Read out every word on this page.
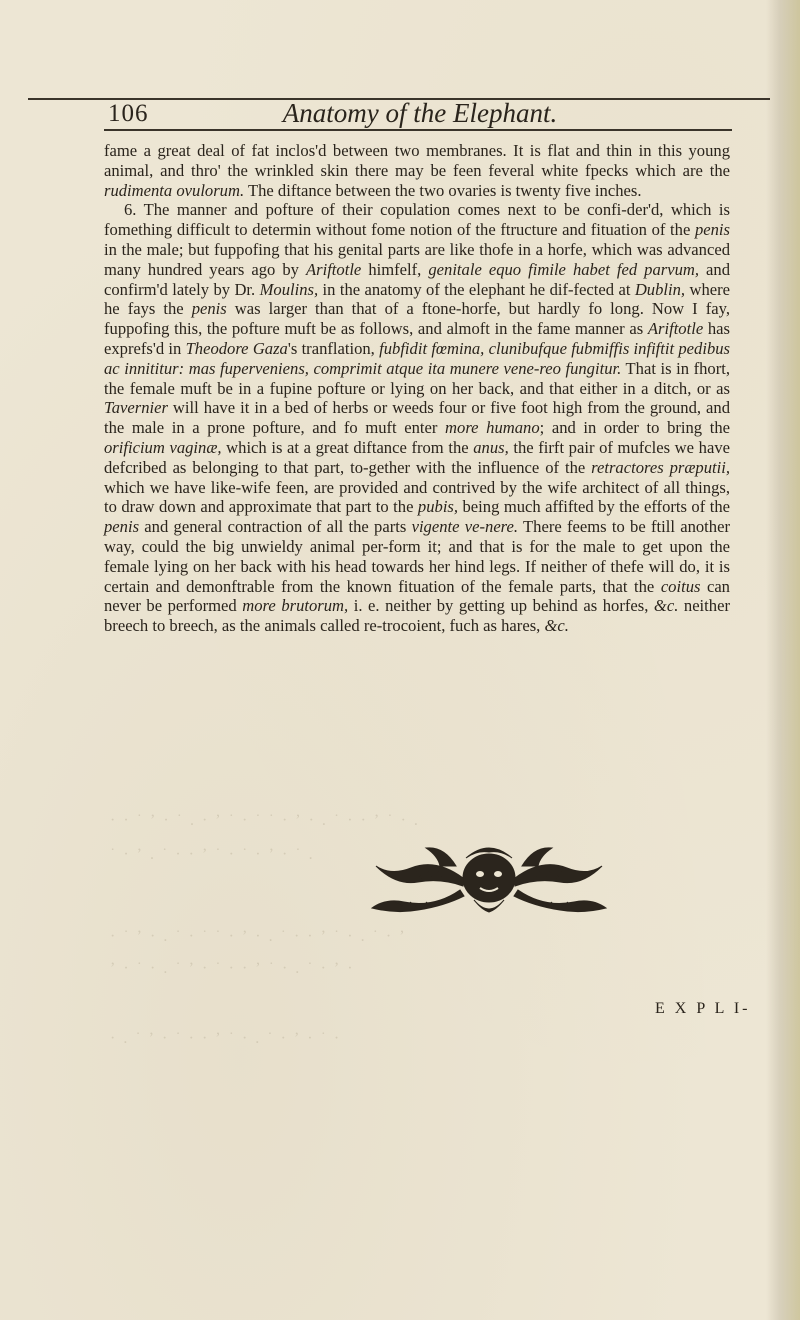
106	Anatomy of the Elephant.

fame a great deal of fat inclos'd between two membranes. It is flat and thin in this young animal, and thro' the wrinkled skin there may be feen feveral white fpecks which are the rudimenta ovulorum. The diftance between the two ovaries is twenty five inches.

6. The manner and pofture of their copulation comes next to be confi-der'd, which is fomething difficult to determin without fome notion of the ftructure and fituation of the penis in the male; but fuppofing that his genital parts are like thofe in a horfe, which was advanced many hundred years ago by Ariftotle himfelf, genitale equo fimile habet fed parvum, and confirm'd lately by Dr. Moulins, in the anatomy of the elephant he dif-fected at Dublin, where he fays the penis was larger than that of a ftone-horfe, but hardly fo long. Now I fay, fuppofing this, the pofture muft be as follows, and almoft in the fame manner as Ariftotle has exprefs'd in Theodore Gaza's tranflation, fubfidit fœmina, clunibufque fubmiffis infiftit pedibus ac innititur: mas fuperveniens, comprimit atque ita munere vene-reo fungitur. That is in fhort, the female muft be in a fupine pofture or lying on her back, and that either in a ditch, or as Tavernier will have it in a bed of herbs or weeds four or five foot high from the ground, and the male in a prone pofture, and fo muft enter more humano; and in order to bring the orificium vaginæ, which is at a great diftance from the anus, the firft pair of mufcles we have defcribed as belonging to that part, to-gether with the influence of the retractores præputii, which we have like-wife feen, are provided and contrived by the wife architect of all things, to draw down and approximate that part to the pubis, being much affifted by the efforts of the penis and general contraction of all the parts vigente ve-nere. There feems to be ftill another way, could the big unwieldy animal per-form it; and that is for the male to get upon the female lying on her back with his head towards her hind legs. If neither of thefe will do, it is certain and demonftrable from the known fituation of the female parts, that the coitus can never be performed more brutorum, i. e. neither by getting up behind as horfes, &c. neither breech to breech, as the animals called re-trocoient, fuch as hares, &c.

· · ˙ ʼ · ˙ . · ʼ ˙ · ˙ ˙ · ʼ · . ˙ · · ʼ ˙ · .
˙ · ʼ . ˙ · · ʼ ˙ · ˙ · ʼ · ˙ .
· ˙ ʼ · . ˙ · ˙ ˙ · ʼ · . ˙ · · ʼ ˙ · . ˙ · ʼ
ʼ · ˙ · . ˙ ʼ · ˙ · · ʼ ˙ · . ˙ · ʼ ·
· . ˙ ʼ · ˙ · · ʼ ˙ · . ˙ · ʼ · ˙ ·
E X P L I-
